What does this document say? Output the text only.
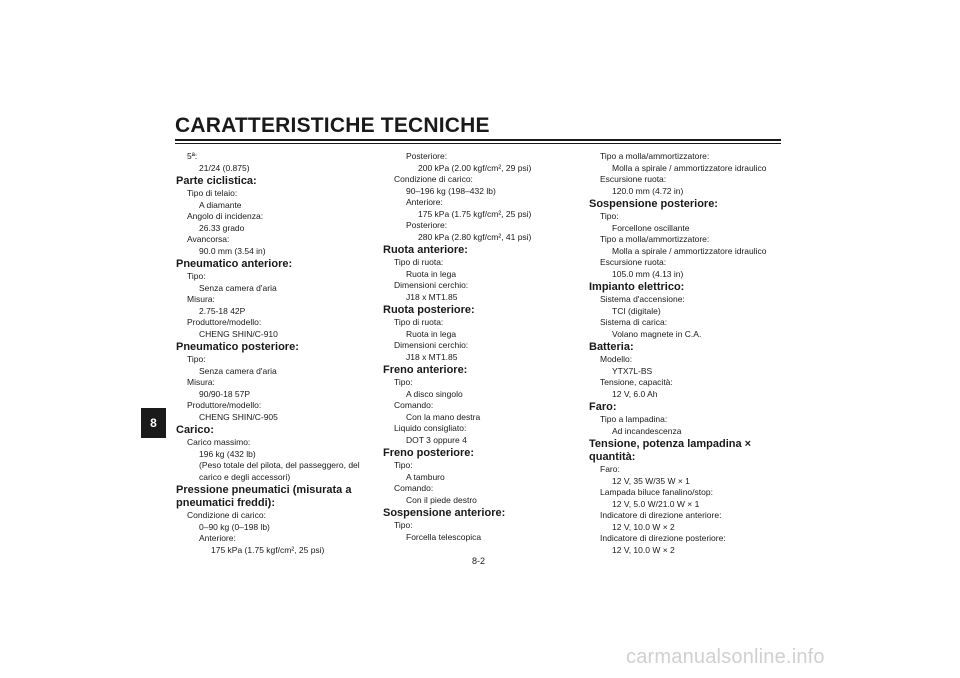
CARATTERISTICHE TECNICHE
8
5ª:
21/24 (0.875)
Parte ciclistica:
Tipo di telaio:
A diamante
Angolo di incidenza:
26.33 grado
Avancorsa:
90.0 mm (3.54 in)
Pneumatico anteriore:
Tipo:
Senza camera d'aria
Misura:
2.75-18 42P
Produttore/modello:
CHENG SHIN/C-910
Pneumatico posteriore:
Tipo:
Senza camera d'aria
Misura:
90/90-18 57P
Produttore/modello:
CHENG SHIN/C-905
Carico:
Carico massimo:
196 kg (432 lb)
(Peso totale del pilota, del passeggero, del carico e degli accessori)
Pressione pneumatici (misurata a pneumatici freddi):
Condizione di carico:
0–90 kg (0–198 lb)
Anteriore:
175 kPa (1.75 kgf/cm², 25 psi)
Posteriore:
200 kPa (2.00 kgf/cm², 29 psi)
Condizione di carico:
90–196 kg (198–432 lb)
Anteriore:
175 kPa (1.75 kgf/cm², 25 psi)
Posteriore:
280 kPa (2.80 kgf/cm², 41 psi)
Ruota anteriore:
Tipo di ruota:
Ruota in lega
Dimensioni cerchio:
J18 x MT1.85
Ruota posteriore:
Tipo di ruota:
Ruota in lega
Dimensioni cerchio:
J18 x MT1.85
Freno anteriore:
Tipo:
A disco singolo
Comando:
Con la mano destra
Liquido consigliato:
DOT 3 oppure 4
Freno posteriore:
Tipo:
A tamburo
Comando:
Con il piede destro
Sospensione anteriore:
Tipo:
Forcella telescopica
Tipo a molla/ammortizzatore:
Molla a spirale / ammortizzatore idraulico
Escursione ruota:
120.0 mm (4.72 in)
Sospensione posteriore:
Tipo:
Forcellone oscillante
Tipo a molla/ammortizzatore:
Molla a spirale / ammortizzatore idraulico
Escursione ruota:
105.0 mm (4.13 in)
Impianto elettrico:
Sistema d'accensione:
TCI (digitale)
Sistema di carica:
Volano magnete in C.A.
Batteria:
Modello:
YTX7L-BS
Tensione, capacità:
12 V, 6.0 Ah
Faro:
Tipo a lampadina:
Ad incandescenza
Tensione, potenza lampadina × quantità:
Faro:
12 V, 35 W/35 W × 1
Lampada biluce fanalino/stop:
12 V, 5.0 W/21.0 W × 1
Indicatore di direzione anteriore:
12 V, 10.0 W × 2
Indicatore di direzione posteriore:
12 V, 10.0 W × 2
8-2
carmanualsonline.info
